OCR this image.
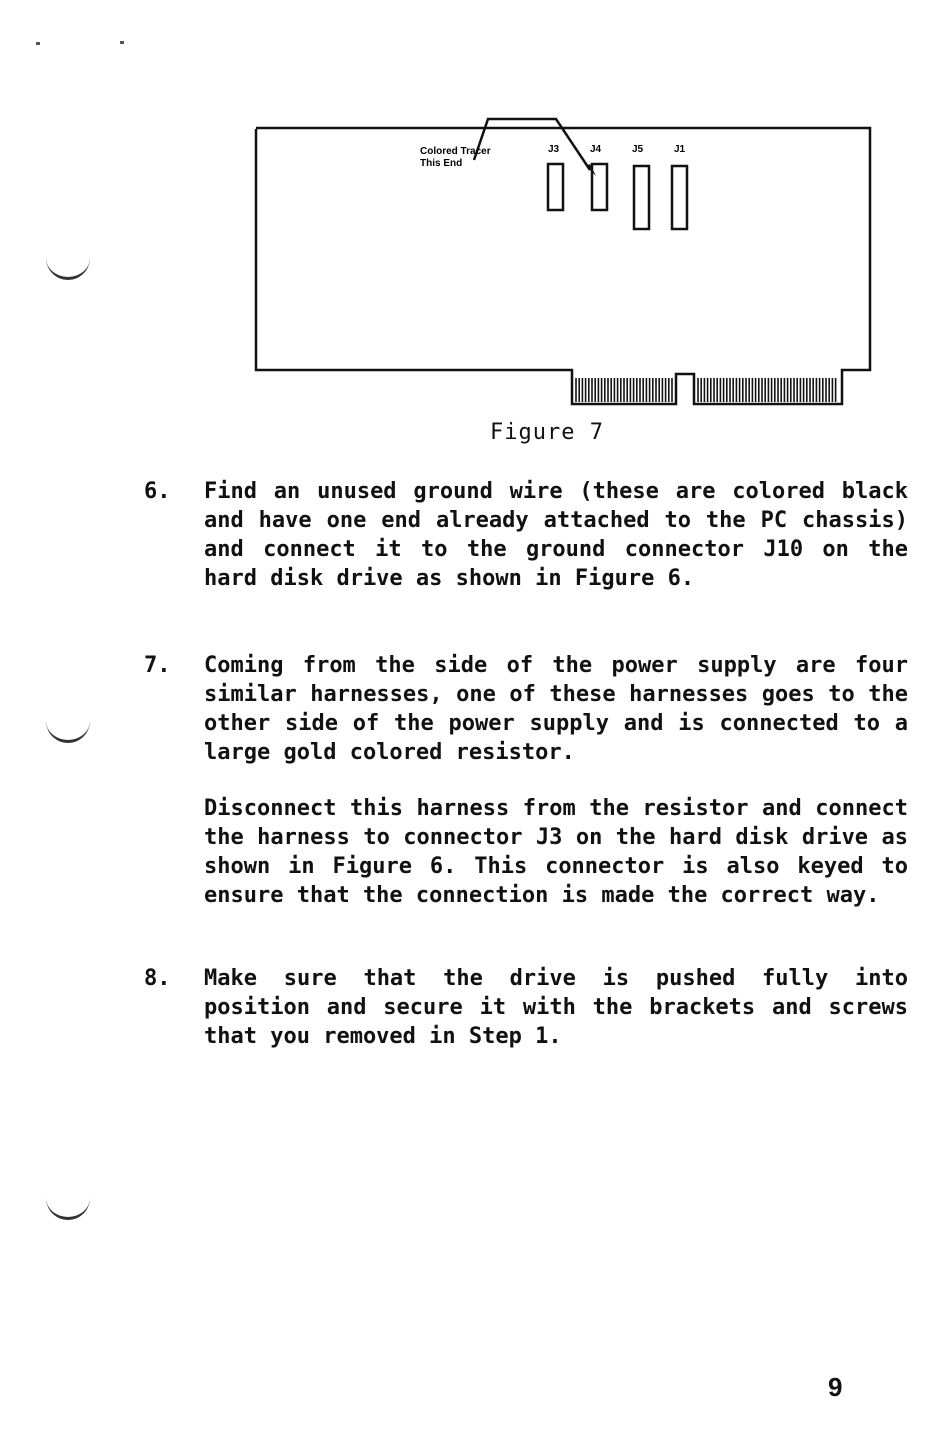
Colored Tracer
This End
J3	J4	J5	J1
Figure 7
6.	Find an unused ground wire (these are colored black and have one end already attached to the PC chassis) and connect it to the ground connector J10 on the hard disk drive as shown in Figure 6.

7.	Coming from the side of the power supply are four similar harnesses, one of these harnesses goes to the other side of the power supply and is connected to a large gold colored resistor.

Disconnect this harness from the resistor and connect the harness to connector J3 on the hard disk drive as shown in Figure 6. This connector is also keyed to ensure that the connection is made the correct way.

8.	Make sure that the drive is pushed fully into position and secure it with the brackets and screws that you removed in Step 1.

9
